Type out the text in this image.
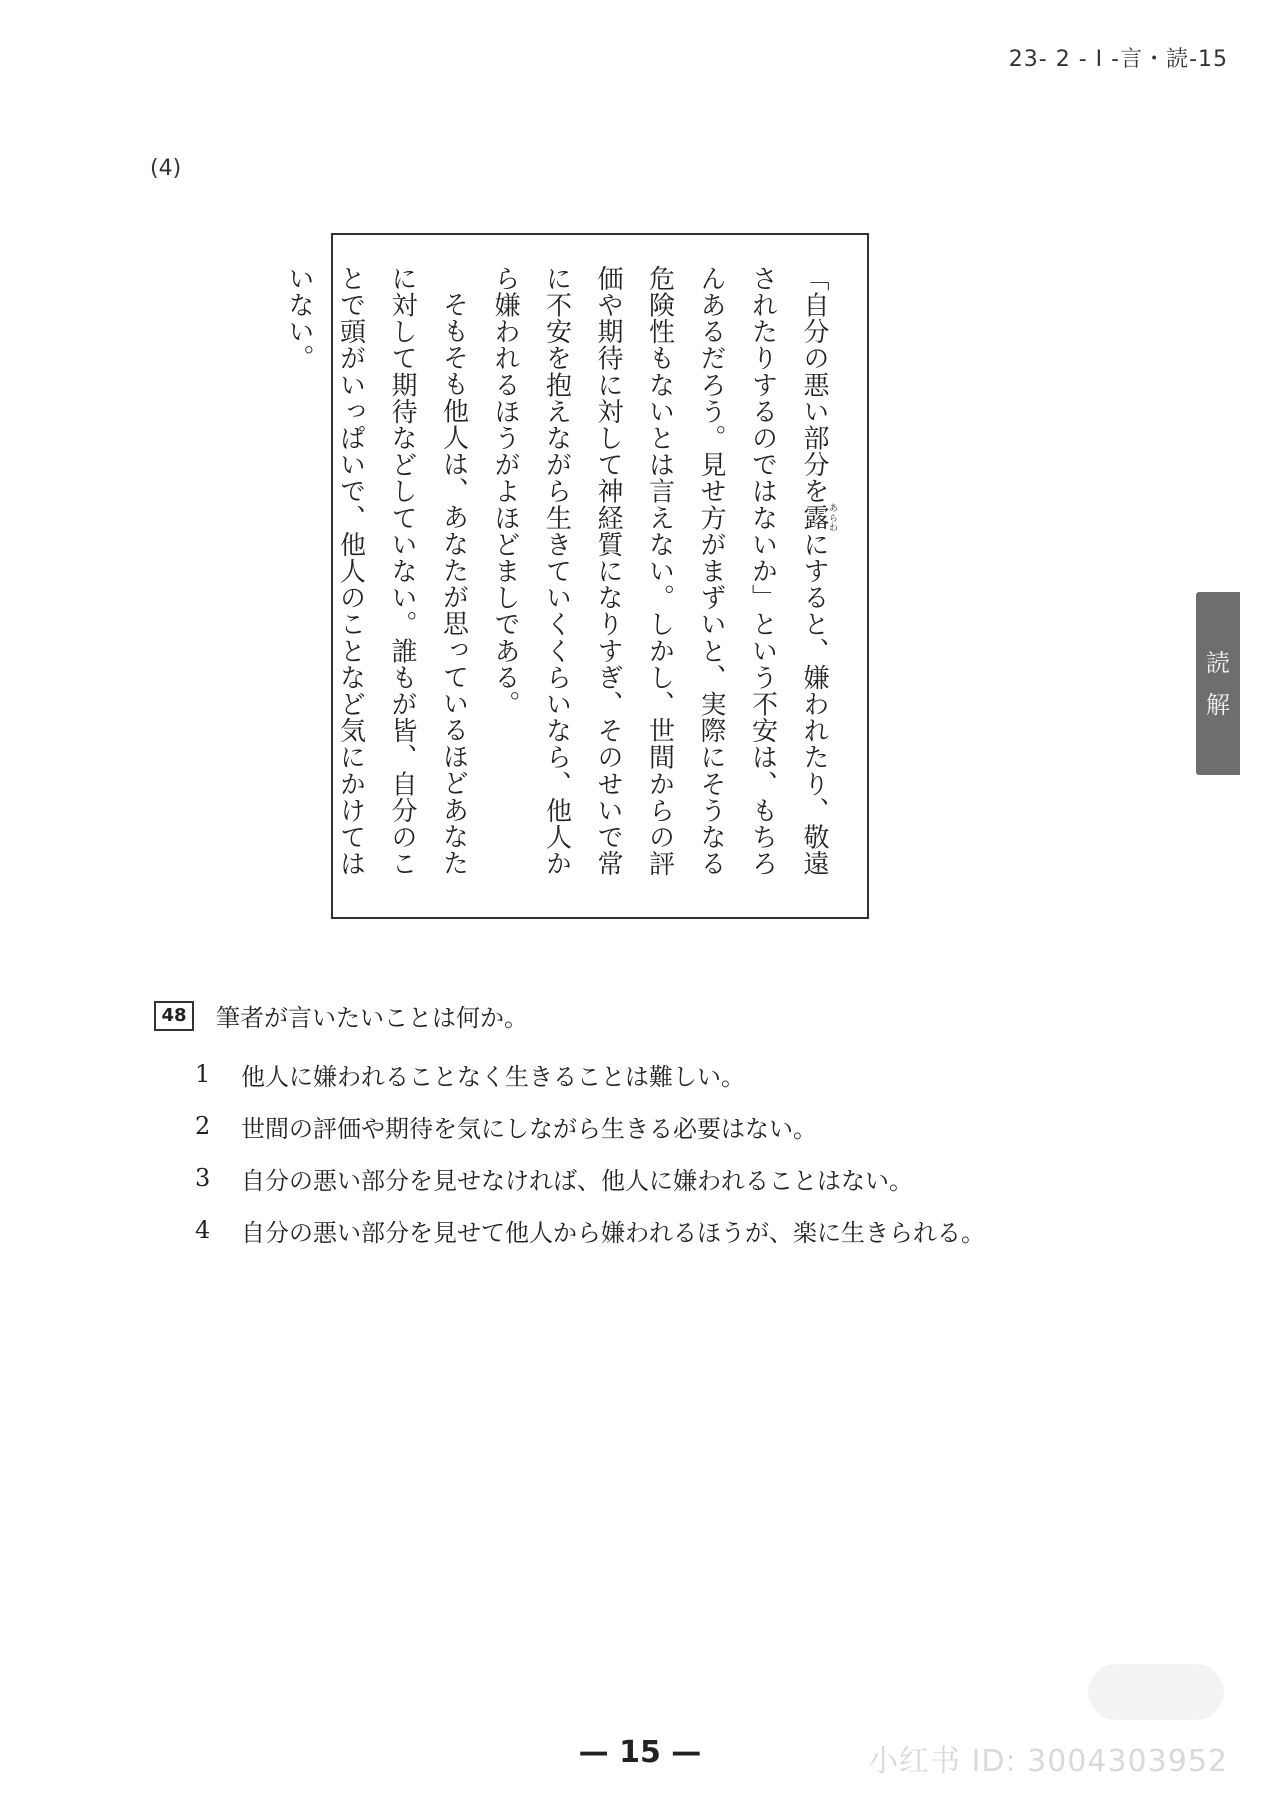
23- 2 - I -言・読-15
(4)

「自分の悪い部分を露あらわにすると、嫌われたり、敬遠されたりするのではないか」という不安は、もちろんあるだろう。見せ方がまずいと、実際にそうなる危険性もないとは言えない。しかし、世間からの評価や期待に対して神経質になりすぎ、そのせいで常に不安を抱えながら生きていくくらいなら、他人から嫌われるほうがよほどましである。

そもそも他人は、あなたが思っているほどあなたに対して期待などしていない。誰もが皆、自分のことで頭がいっぱいで、他人のことなど気にかけてはいない。

読
解
48	筆者が言いたいことは何か。
1	他人に嫌われることなく生きることは難しい。
2	世間の評価や期待を気にしながら生きる必要はない。
3	自分の悪い部分を見せなければ、他人に嫌われることはない。
4	自分の悪い部分を見せて他人から嫌われるほうが、楽に生きられる。
— 15 —	小红书 ID: 3004303952
